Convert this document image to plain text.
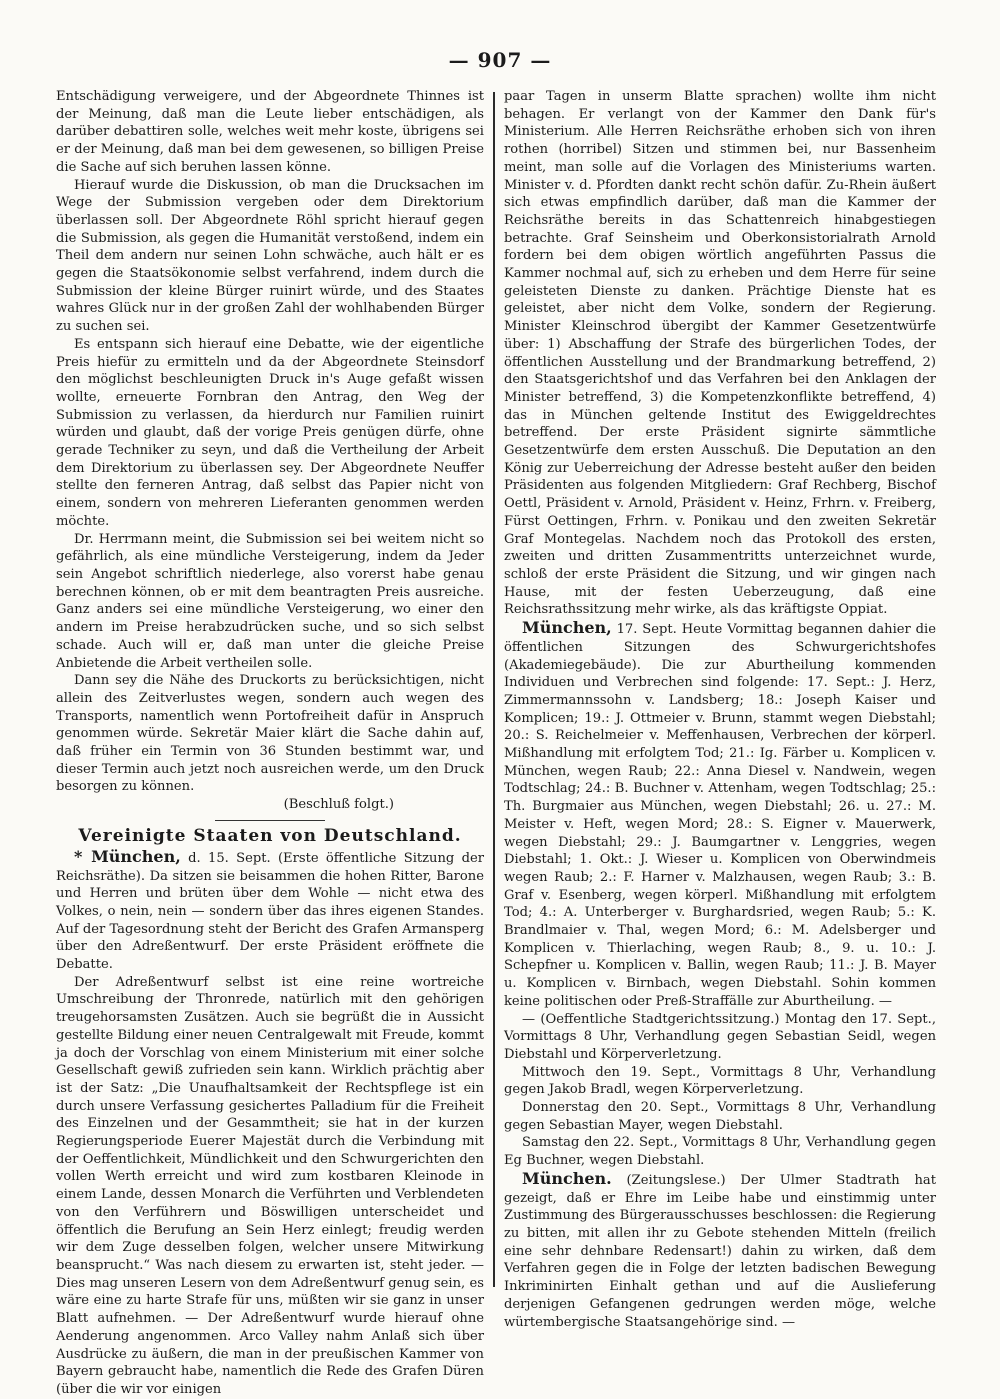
— 907 —

Entschädigung verweigere, und der Abgeordnete Thinnes ist der Meinung, daß man die Leute lieber entschädigen, als darüber debattiren solle, welches weit mehr koste, übrigens sei er der Meinung, daß man bei dem gewesenen, so billigen Preise die Sache auf sich beruhen lassen könne.

Hierauf wurde die Diskussion, ob man die Drucksachen im Wege der Submission vergeben oder dem Direktorium überlassen soll. Der Abgeordnete Röhl spricht hierauf gegen die Submission, als gegen die Humanität verstoßend, indem ein Theil dem andern nur seinen Lohn schwäche, auch hält er es gegen die Staatsökonomie selbst verfahrend, indem durch die Submission der kleine Bürger ruinirt würde, und des Staates wahres Glück nur in der großen Zahl der wohlhabenden Bürger zu suchen sei.

Es entspann sich hierauf eine Debatte, wie der eigentliche Preis hiefür zu ermitteln und da der Abgeordnete Steinsdorf den möglichst beschleunigten Druck in's Auge gefaßt wissen wollte, erneuerte Fornbran den Antrag, den Weg der Submission zu verlassen, da hierdurch nur Familien ruinirt würden und glaubt, daß der vorige Preis genügen dürfe, ohne gerade Techniker zu seyn, und daß die Vertheilung der Arbeit dem Direktorium zu überlassen sey. Der Abgeordnete Neuffer stellte den ferneren Antrag, daß selbst das Papier nicht von einem, sondern von mehreren Lieferanten genommen werden möchte.

Dr. Herrmann meint, die Submission sei bei weitem nicht so gefährlich, als eine mündliche Versteigerung, indem da Jeder sein Angebot schriftlich niederlege, also vorerst habe genau berechnen können, ob er mit dem beantragten Preis ausreiche. Ganz anders sei eine mündliche Versteigerung, wo einer den andern im Preise herabzudrücken suche, und so sich selbst schade. Auch will er, daß man unter die gleiche Preise Anbietende die Arbeit vertheilen solle.

Dann sey die Nähe des Druckorts zu berücksichtigen, nicht allein des Zeitverlustes wegen, sondern auch wegen des Transports, namentlich wenn Portofreiheit dafür in Anspruch genommen würde. Sekretär Maier klärt die Sache dahin auf, daß früher ein Termin von 36 Stunden bestimmt war, und dieser Termin auch jetzt noch ausreichen werde, um den Druck besorgen zu können.

(Beschluß folgt.)

Vereinigte Staaten von Deutschland.

* München, d. 15. Sept. (Erste öffentliche Sitzung der Reichsräthe). Da sitzen sie beisammen die hohen Ritter, Barone und Herren und brüten über dem Wohle — nicht etwa des Volkes, o nein, nein — sondern über das ihres eigenen Standes. Auf der Tagesordnung steht der Bericht des Grafen Armansperg über den Adreßentwurf. Der erste Präsident eröffnete die Debatte.

Der Adreßentwurf selbst ist eine reine wortreiche Umschreibung der Thronrede, natürlich mit den gehörigen treugehorsamsten Zusätzen. Auch sie begrüßt die in Aussicht gestellte Bildung einer neuen Centralgewalt mit Freude, kommt ja doch der Vorschlag von einem Ministerium mit einer solche Gesellschaft gewiß zufrieden sein kann. Wirklich prächtig aber ist der Satz: „Die Unaufhaltsamkeit der Rechtspflege ist ein durch unsere Verfassung gesichertes Palladium für die Freiheit des Einzelnen und der Gesammtheit; sie hat in der kurzen Regierungsperiode Euerer Majestät durch die Verbindung mit der Oeffentlichkeit, Mündlichkeit und den Schwurgerichten den vollen Werth erreicht und wird zum kostbaren Kleinode in einem Lande, dessen Monarch die Verführten und Verblendeten von den Verführern und Böswilligen unterscheidet und öffentlich die Berufung an Sein Herz einlegt; freudig werden wir dem Zuge desselben folgen, welcher unsere Mitwirkung beansprucht.“ Was nach diesem zu erwarten ist, steht jeder. — Dies mag unseren Lesern von dem Adreßentwurf genug sein, es wäre eine zu harte Strafe für uns, müßten wir sie ganz in unser Blatt aufnehmen. — Der Adreßentwurf wurde hierauf ohne Aenderung angenommen. Arco Valley nahm Anlaß sich über Ausdrücke zu äußern, die man in der preußischen Kammer von Bayern gebraucht habe, namentlich die Rede des Grafen Düren (über die wir vor einigen

paar Tagen in unserm Blatte sprachen) wollte ihm nicht behagen. Er verlangt von der Kammer den Dank für's Ministerium. Alle Herren Reichsräthe erhoben sich von ihren rothen (horribel) Sitzen und stimmen bei, nur Bassenheim meint, man solle auf die Vorlagen des Ministeriums warten. Minister v. d. Pfordten dankt recht schön dafür. Zu-Rhein äußert sich etwas empfindlich darüber, daß man die Kammer der Reichsräthe bereits in das Schattenreich hinabgestiegen betrachte. Graf Seinsheim und Oberkonsistorialrath Arnold fordern bei dem obigen wörtlich angeführten Passus die Kammer nochmal auf, sich zu erheben und dem Herre für seine geleisteten Dienste zu danken. Prächtige Dienste hat es geleistet, aber nicht dem Volke, sondern der Regierung. Minister Kleinschrod übergibt der Kammer Gesetzentwürfe über: 1) Abschaffung der Strafe des bürgerlichen Todes, der öffentlichen Ausstellung und der Brandmarkung betreffend, 2) den Staatsgerichtshof und das Verfahren bei den Anklagen der Minister betreffend, 3) die Kompetenzkonflikte betreffend, 4) das in München geltende Institut des Ewiggeldrechtes betreffend. Der erste Präsident signirte sämmtliche Gesetzentwürfe dem ersten Ausschuß. Die Deputation an den König zur Ueberreichung der Adresse besteht außer den beiden Präsidenten aus folgenden Mitgliedern: Graf Rechberg, Bischof Oettl, Präsident v. Arnold, Präsident v. Heinz, Frhrn. v. Freiberg, Fürst Oettingen, Frhrn. v. Ponikau und den zweiten Sekretär Graf Montegelas. Nachdem noch das Protokoll des ersten, zweiten und dritten Zusammentritts unterzeichnet wurde, schloß der erste Präsident die Sitzung, und wir gingen nach Hause, mit der festen Ueberzeugung, daß eine Reichsrathssitzung mehr wirke, als das kräftigste Oppiat.

München, 17. Sept. Heute Vormittag begannen dahier die öffentlichen Sitzungen des Schwurgerichtshofes (Akademiegebäude). Die zur Aburtheilung kommenden Individuen und Verbrechen sind folgende: 17. Sept.: J. Herz, Zimmermannssohn v. Landsberg; 18.: Joseph Kaiser und Komplicen; 19.: J. Ottmeier v. Brunn, stammt wegen Diebstahl; 20.: S. Reichelmeier v. Meffenhausen, Verbrechen der körperl. Mißhandlung mit erfolgtem Tod; 21.: Ig. Färber u. Komplicen v. München, wegen Raub; 22.: Anna Diesel v. Nandwein, wegen Todtschlag; 24.: B. Buchner v. Attenham, wegen Todtschlag; 25.: Th. Burgmaier aus München, wegen Diebstahl; 26. u. 27.: M. Meister v. Heft, wegen Mord; 28.: S. Eigner v. Mauerwerk, wegen Diebstahl; 29.: J. Baumgartner v. Lenggries, wegen Diebstahl; 1. Okt.: J. Wieser u. Komplicen von Oberwindmeis wegen Raub; 2.: F. Harner v. Malzhausen, wegen Raub; 3.: B. Graf v. Esenberg, wegen körperl. Mißhandlung mit erfolgtem Tod; 4.: A. Unterberger v. Burghardsried, wegen Raub; 5.: K. Brandlmaier v. Thal, wegen Mord; 6.: M. Adelsberger und Komplicen v. Thierlaching, wegen Raub; 8., 9. u. 10.: J. Schepfner u. Komplicen v. Ballin, wegen Raub; 11.: J. B. Mayer u. Komplicen v. Birnbach, wegen Diebstahl. Sohin kommen keine politischen oder Preß-Straffälle zur Aburtheilung. —

— (Oeffentliche Stadtgerichtssitzung.) Montag den 17. Sept., Vormittags 8 Uhr, Verhandlung gegen Sebastian Seidl, wegen Diebstahl und Körperverletzung.

Mittwoch den 19. Sept., Vormittags 8 Uhr, Verhandlung gegen Jakob Bradl, wegen Körperverletzung.

Donnerstag den 20. Sept., Vormittags 8 Uhr, Verhandlung gegen Sebastian Mayer, wegen Diebstahl.

Samstag den 22. Sept., Vormittags 8 Uhr, Verhandlung gegen Eg Buchner, wegen Diebstahl.

München. (Zeitungslese.) Der Ulmer Stadtrath hat gezeigt, daß er Ehre im Leibe habe und einstimmig unter Zustimmung des Bürgerausschusses beschlossen: die Regierung zu bitten, mit allen ihr zu Gebote stehenden Mitteln (freilich eine sehr dehnbare Redensart!) dahin zu wirken, daß dem Verfahren gegen die in Folge der letzten badischen Bewegung Inkriminirten Einhalt gethan und auf die Auslieferung derjenigen Gefangenen gedrungen werden möge, welche würtembergische Staatsangehörige sind. —
